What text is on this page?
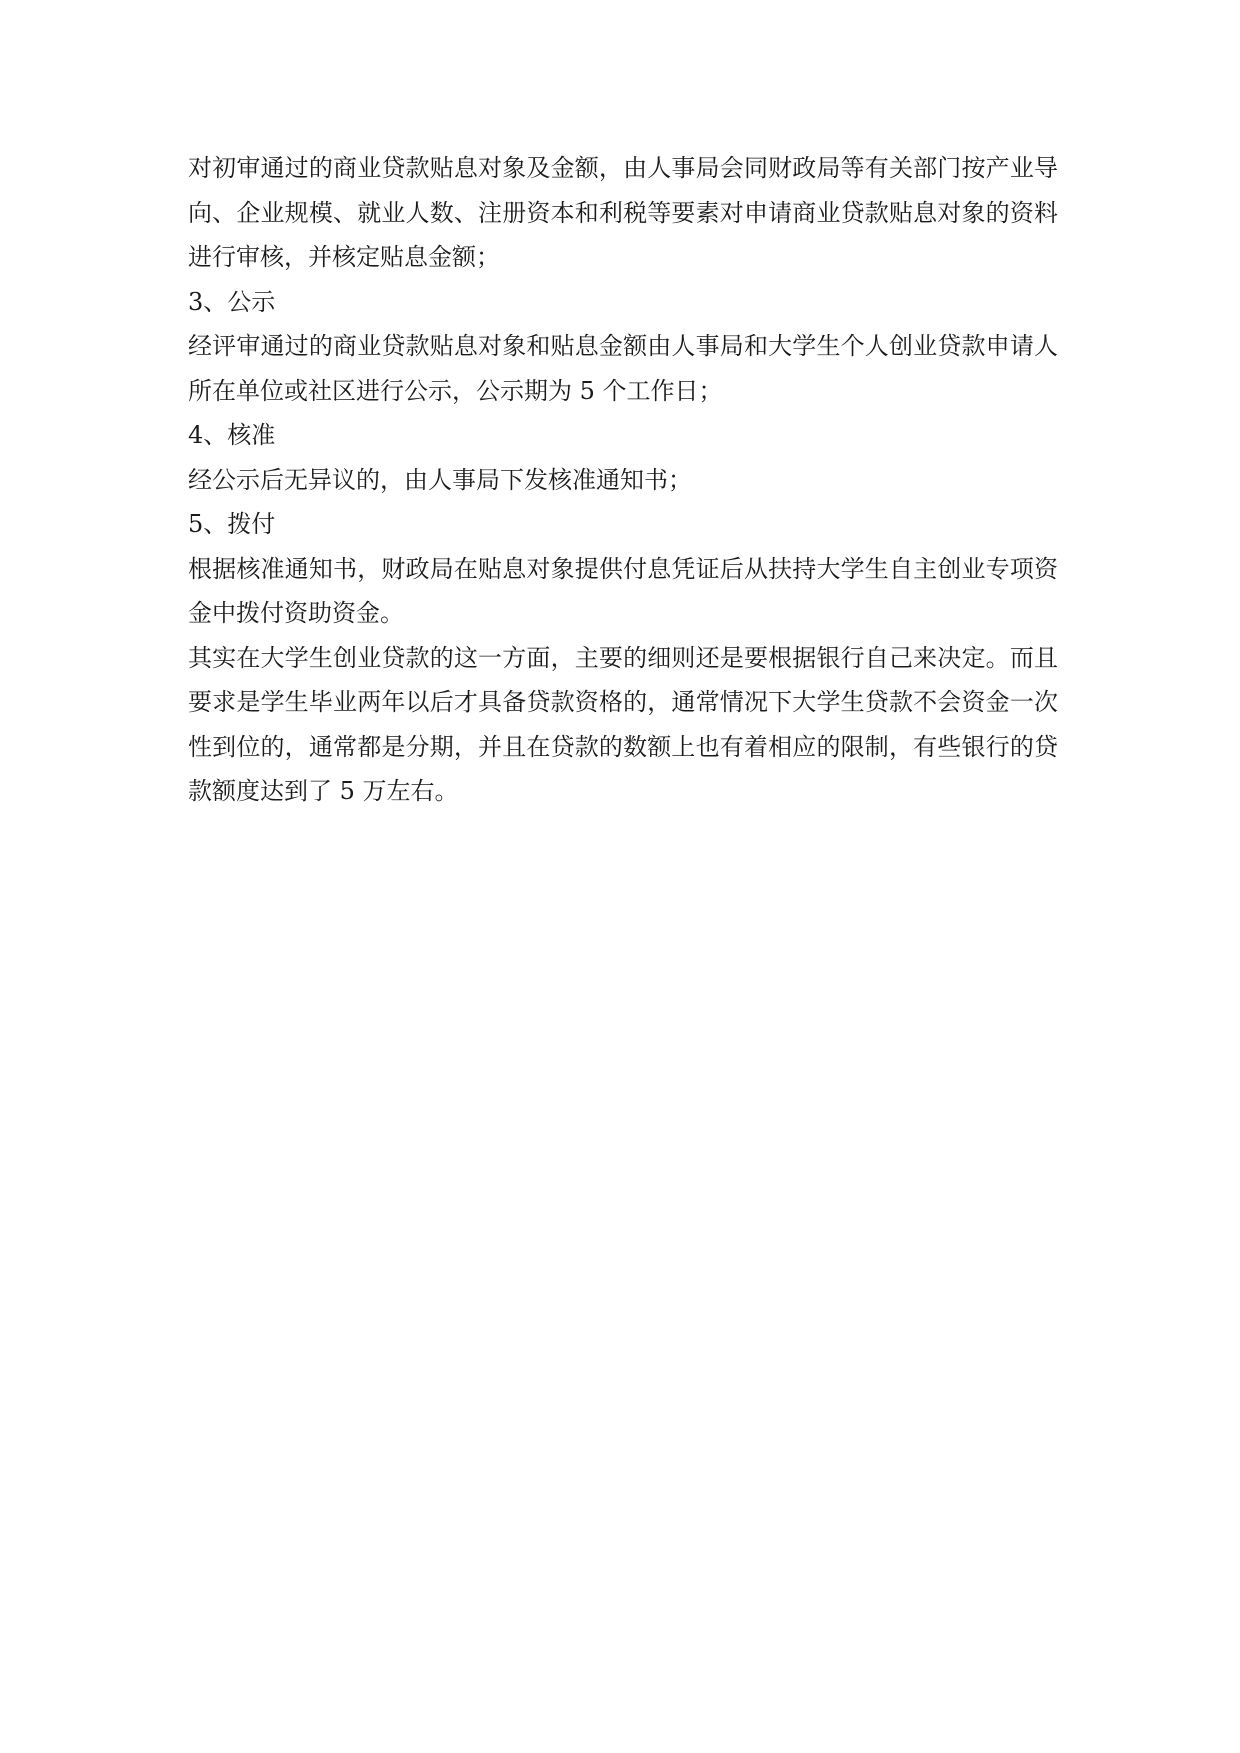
对初审通过的商业贷款贴息对象及金额，由人事局会同财政局等有关部门按产业导向、企业规模、就业人数、注册资本和利税等要素对申请商业贷款贴息对象的资料进行审核，并核定贴息金额；

3、公示

经评审通过的商业贷款贴息对象和贴息金额由人事局和大学生个人创业贷款申请人所在单位或社区进行公示，公示期为 5 个工作日；

4、核准

经公示后无异议的，由人事局下发核准通知书；

5、拨付

根据核准通知书，财政局在贴息对象提供付息凭证后从扶持大学生自主创业专项资金中拨付资助资金。

其实在大学生创业贷款的这一方面，主要的细则还是要根据银行自己来决定。而且要求是学生毕业两年以后才具备贷款资格的，通常情况下大学生贷款不会资金一次性到位的，通常都是分期，并且在贷款的数额上也有着相应的限制，有些银行的贷款额度达到了 5 万左右。
